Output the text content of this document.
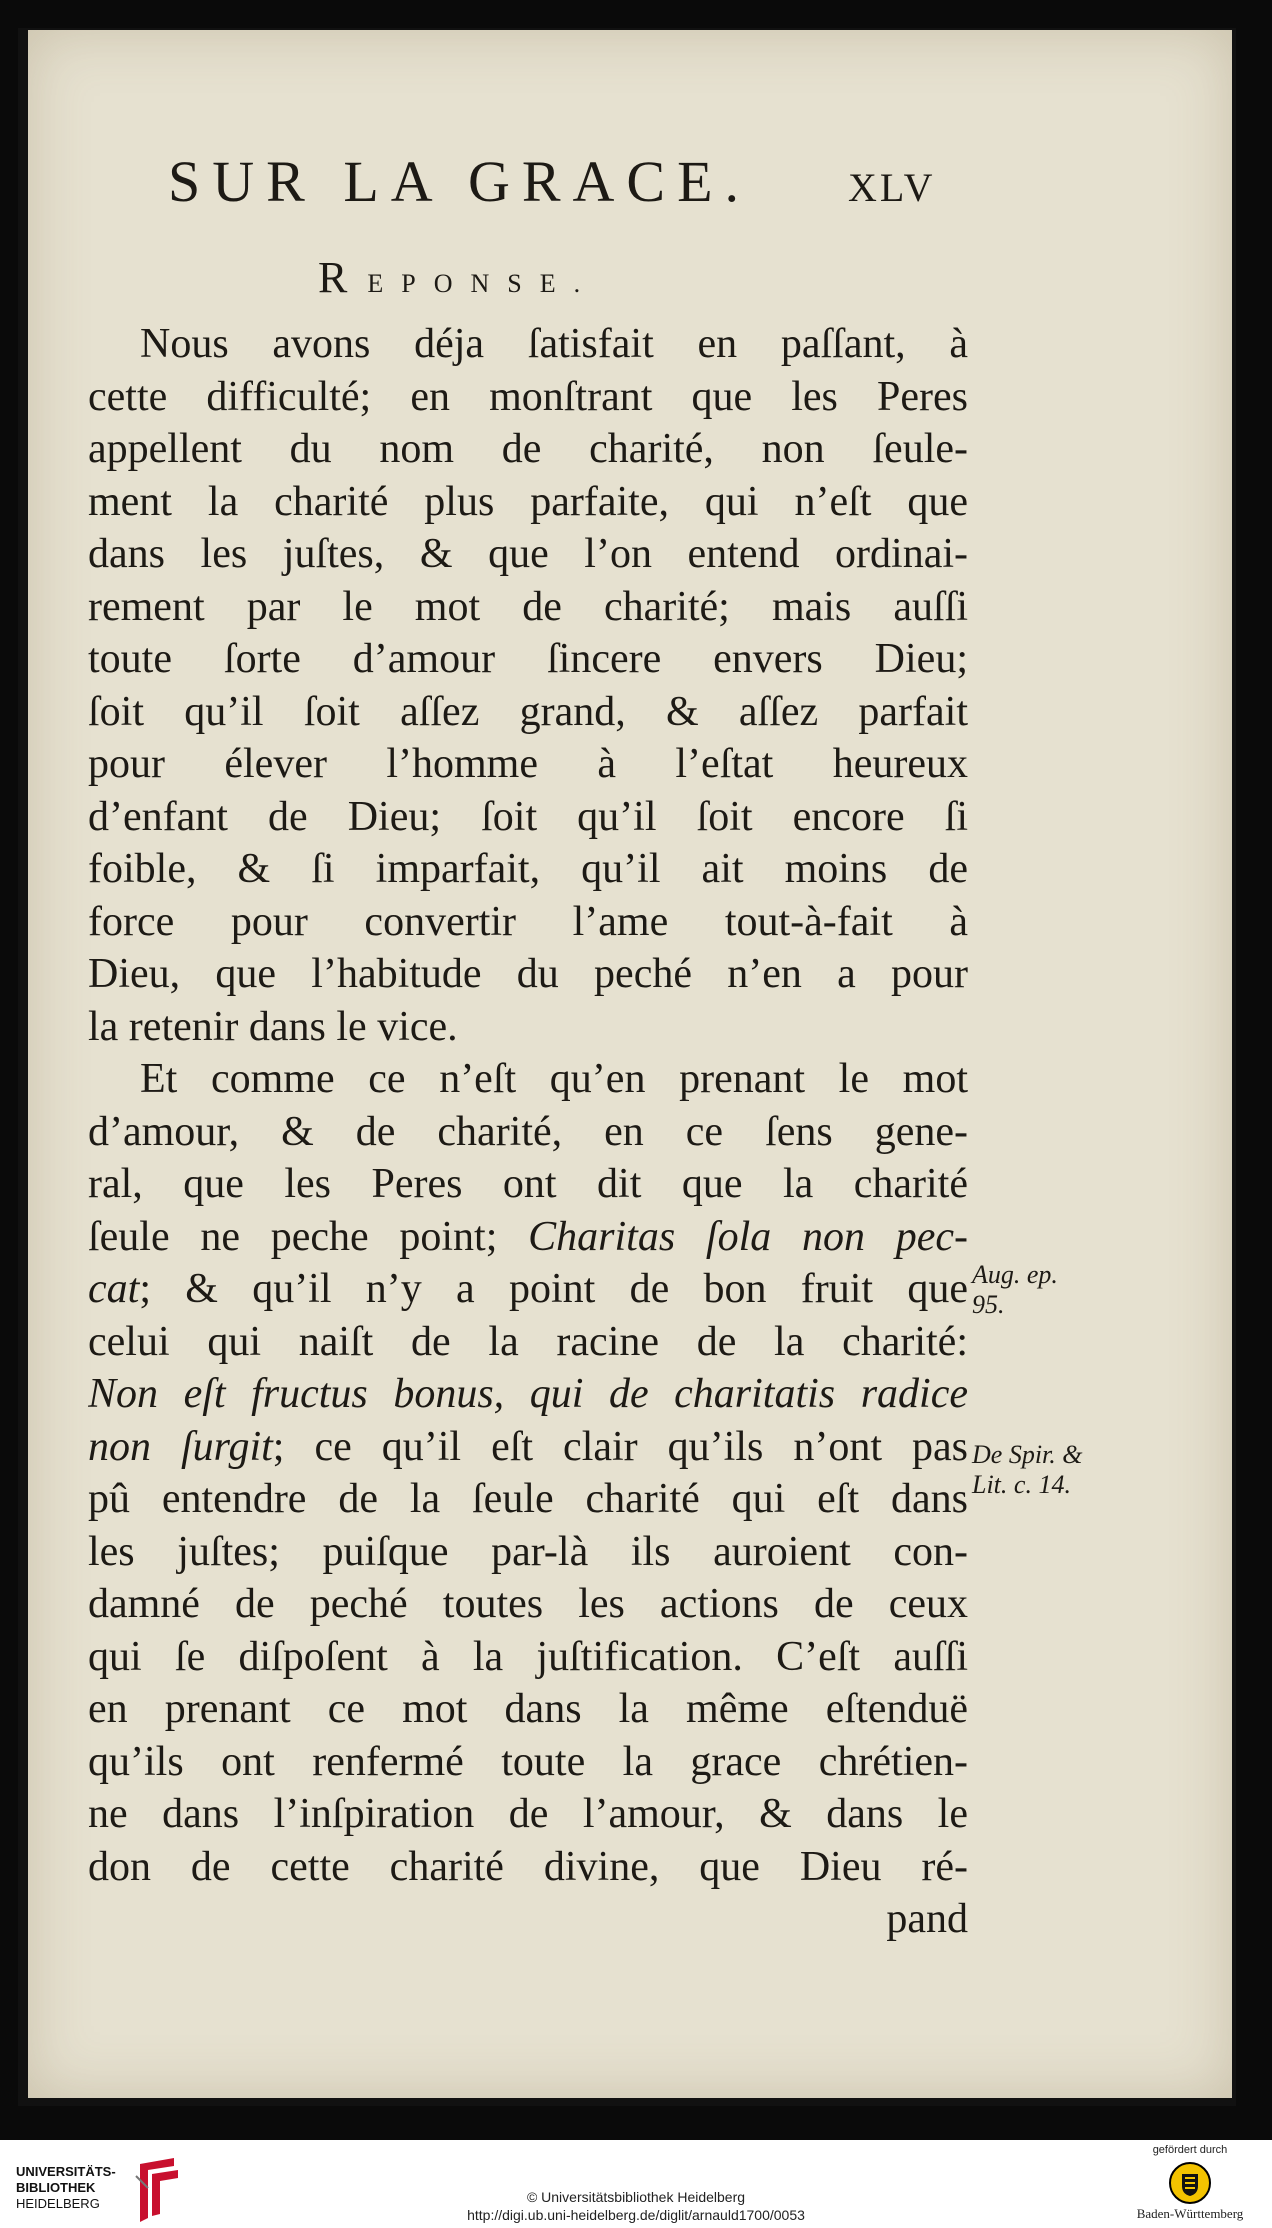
SUR LA GRACE. XLV
REPONSE.
Nous avons déja ſatisfait en paſſant, à
cette difficulté; en monſtrant que les Peres
appellent du nom de charité, non ſeule-
ment la charité plus parfaite, qui n’eſt que
dans les juſtes, & que l’on entend ordinai-
rement par le mot de charité; mais auſſi
toute ſorte d’amour ſincere envers Dieu;
ſoit qu’il ſoit aſſez grand, & aſſez parfait
pour élever l’homme à l’eſtat heureux
d’enfant de Dieu; ſoit qu’il ſoit encore ſi
foible, & ſi imparfait, qu’il ait moins de
force pour convertir l’ame tout-à-fait à
Dieu, que l’habitude du peché n’en a pour
la retenir dans le vice.
Et comme ce n’eſt qu’en prenant le mot
d’amour, & de charité, en ce ſens gene-
ral, que les Peres ont dit que la charité
ſeule ne peche point; Charitas ſola non pec-
cat; & qu’il n’y a point de bon fruit que
celui qui naiſt de la racine de la charité:
Non eſt fructus bonus, qui de charitatis radice
non ſurgit; ce qu’il eſt clair qu’ils n’ont pas
pû entendre de la ſeule charité qui eſt dans
les juſtes; puiſque par-là ils auroient con-
damné de peché toutes les actions de ceux
qui ſe diſpoſent à la juſtification. C’eſt auſſi
en prenant ce mot dans la même eſtenduë
qu’ils ont renfermé toute la grace chrétien-
ne dans l’inſpiration de l’amour, & dans le
don de cette charité divine, que Dieu ré-
pand
Aug. ep.
95.
De Spir. &
Lit. c. 14.
UNIVERSITÄTS-
BIBLIOTHEK
HEIDELBERG	© Universitätsbibliothek Heidelberg
http://digi.ub.uni-heidelberg.de/diglit/arnauld1700/0053
gefördert durch
Baden-Württemberg
